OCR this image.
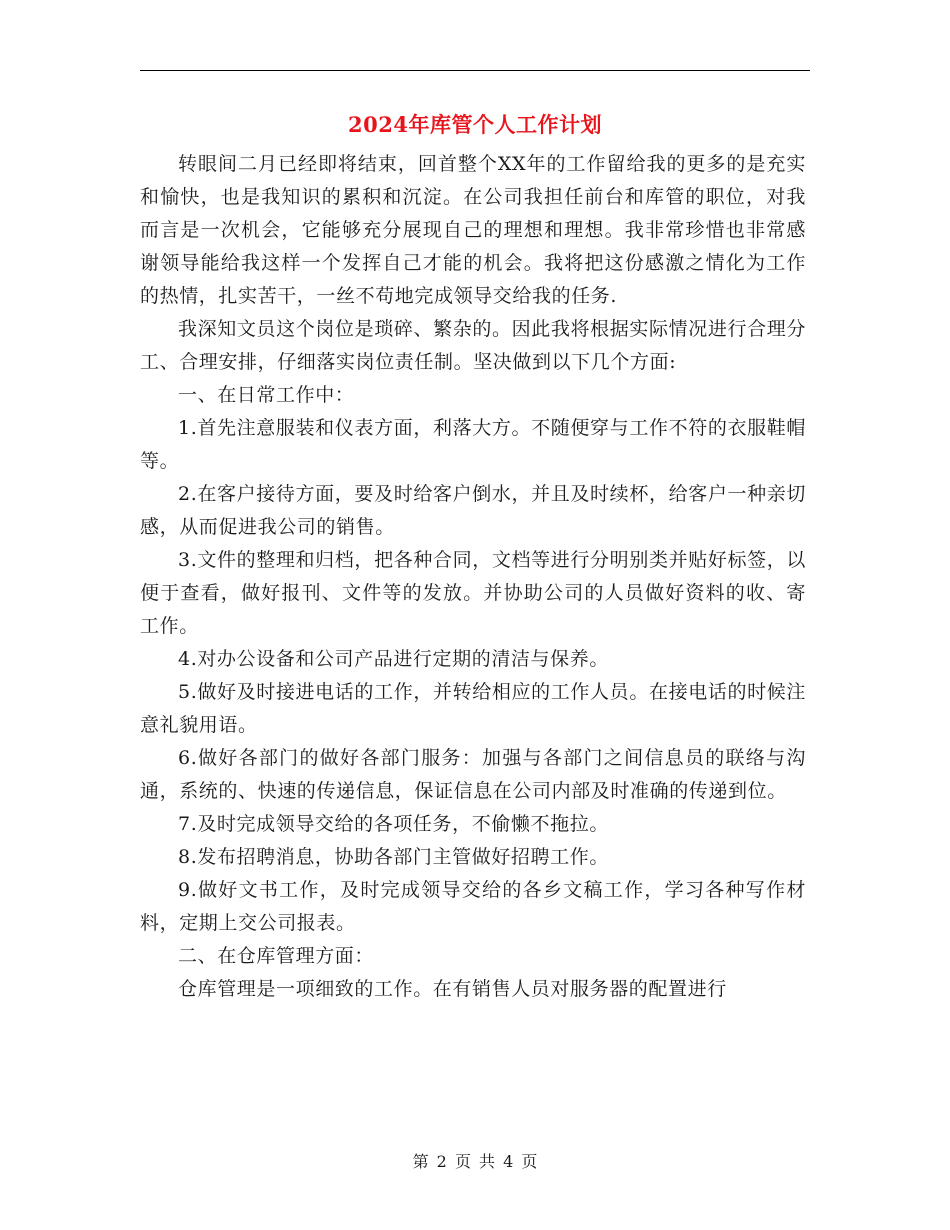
2024年库管个人工作计划

转眼间二月已经即将结束，回首整个XX年的工作留给我的更多的是充实和愉快，也是我知识的累积和沉淀。在公司我担任前台和库管的职位，对我而言是一次机会，它能够充分展现自己的理想和理想。我非常珍惜也非常感谢领导能给我这样一个发挥自己才能的机会。我将把这份感激之情化为工作的热情，扎实苦干，一丝不苟地完成领导交给我的任务.

我深知文员这个岗位是琐碎、繁杂的。因此我将根据实际情况进行合理分工、合理安排，仔细落实岗位责任制。坚决做到以下几个方面:

一、在日常工作中：

1.首先注意服装和仪表方面，利落大方。不随便穿与工作不符的衣服鞋帽等。

2.在客户接待方面，要及时给客户倒水，并且及时续杯，给客户一种亲切感，从而促进我公司的销售。

3.文件的整理和归档，把各种合同，文档等进行分明别类并贴好标签，以便于查看，做好报刊、文件等的发放。并协助公司的人员做好资料的收、寄工作。

4.对办公设备和公司产品进行定期的清洁与保养。

5.做好及时接进电话的工作，并转给相应的工作人员。在接电话的时候注意礼貌用语。

6.做好各部门的做好各部门服务：加强与各部门之间信息员的联络与沟通，系统的、快速的传递信息，保证信息在公司内部及时准确的传递到位。

7.及时完成领导交给的各项任务，不偷懒不拖拉。

8.发布招聘消息，协助各部门主管做好招聘工作。

9.做好文书工作，及时完成领导交给的各乡文稿工作，学习各种写作材料，定期上交公司报表。

二、在仓库管理方面：

仓库管理是一项细致的工作。在有销售人员对服务器的配置进行

第 2 页 共 4 页
